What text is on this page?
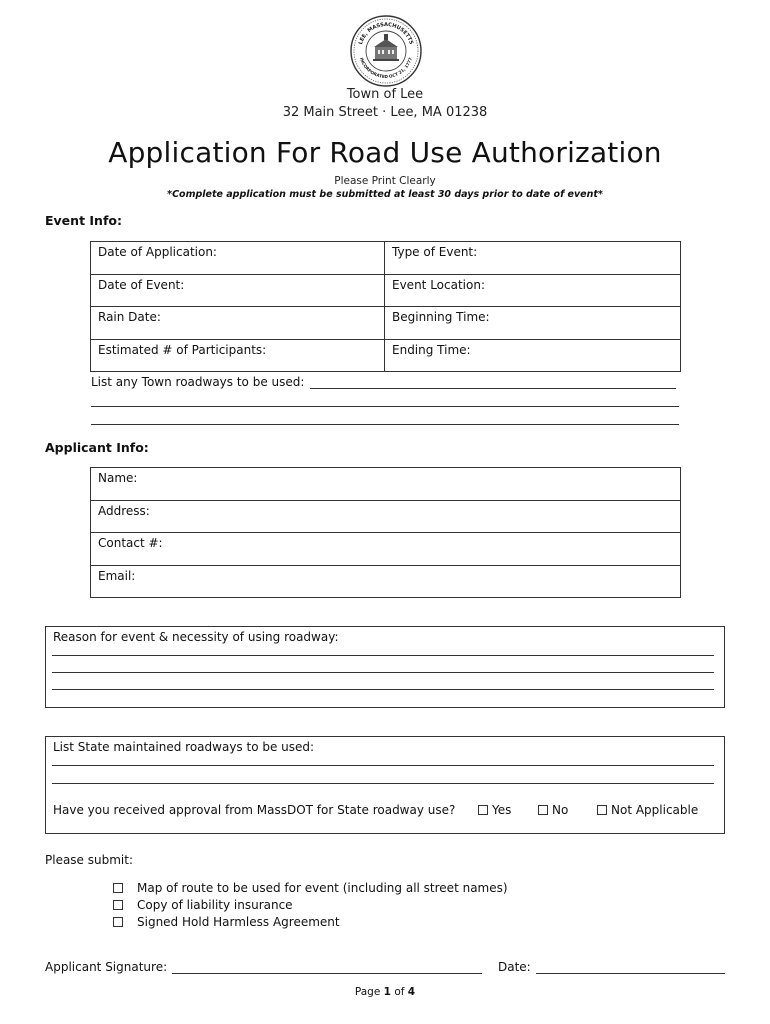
LEE, MASSACHUSETTS
INCORPORATED OCT 21, 1777
Town of Lee
32 Main Street · Lee, MA 01238
Application For Road Use Authorization
Please Print Clearly
*Complete application must be submitted at least 30 days prior to date of event*
Event Info:
Date of Application:	Type of Event:
Date of Event:	Event Location:
Rain Date:	Beginning Time:
Estimated # of Participants:	Ending Time:
List any Town roadways to be used:
Applicant Info:
Name:
Address:
Contact #:
Email:
Reason for event & necessity of using roadway:
List State maintained roadways to be used:
Have you received approval from MassDOT for State roadway use?	Yes	No	Not Applicable
Please submit:
Map of route to be used for event (including all street names)
Copy of liability insurance
Signed Hold Harmless Agreement
Applicant Signature:	Date:
Page 1 of 4
